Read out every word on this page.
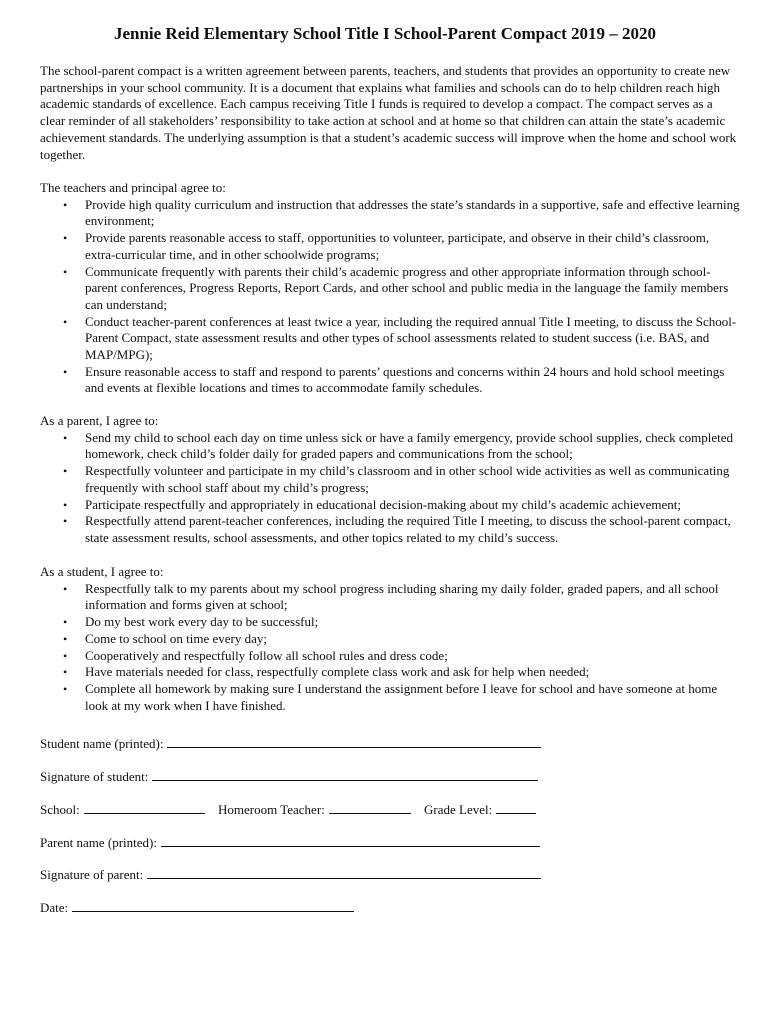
Jennie Reid Elementary School Title I School-Parent Compact 2019 – 2020
The school-parent compact is a written agreement between parents, teachers, and students that provides an opportunity to create new partnerships in your school community. It is a document that explains what families and schools can do to help children reach high academic standards of excellence. Each campus receiving Title I funds is required to develop a compact. The compact serves as a clear reminder of all stakeholders’ responsibility to take action at school and at home so that children can attain the state’s academic achievement standards. The underlying assumption is that a student’s academic success will improve when the home and school work together.
The teachers and principal agree to:
• Provide high quality curriculum and instruction that addresses the state’s standards in a supportive, safe and effective learning environment;
• Provide parents reasonable access to staff, opportunities to volunteer, participate, and observe in their child’s classroom, extra-curricular time, and in other schoolwide programs;
• Communicate frequently with parents their child’s academic progress and other appropriate information through school-parent conferences, Progress Reports, Report Cards, and other school and public media in the language the family members can understand;
• Conduct teacher-parent conferences at least twice a year, including the required annual Title I meeting, to discuss the School-Parent Compact, state assessment results and other types of school assessments related to student success (i.e. BAS, and MAP/MPG);
• Ensure reasonable access to staff and respond to parents’ questions and concerns within 24 hours and hold school meetings and events at flexible locations and times to accommodate family schedules.
As a parent, I agree to:
• Send my child to school each day on time unless sick or have a family emergency, provide school supplies, check completed homework, check child’s folder daily for graded papers and communications from the school;
• Respectfully volunteer and participate in my child’s classroom and in other school wide activities as well as communicating frequently with school staff about my child’s progress;
• Participate respectfully and appropriately in educational decision-making about my child’s academic achievement;
• Respectfully attend parent-teacher conferences, including the required Title I meeting, to discuss the school-parent compact, state assessment results, school assessments, and other topics related to my child’s success.
As a student, I agree to:
• Respectfully talk to my parents about my school progress including sharing my daily folder, graded papers, and all school information and forms given at school;
• Do my best work every day to be successful;
• Come to school on time every day;
• Cooperatively and respectfully follow all school rules and dress code;
• Have materials needed for class, respectfully complete class work and ask for help when needed;
• Complete all homework by making sure I understand the assignment before I leave for school and have someone at home look at my work when I have finished.
Student name (printed):
Signature of student:
School:	Homeroom Teacher:	Grade Level:
Parent name (printed):
Signature of parent:
Date:
